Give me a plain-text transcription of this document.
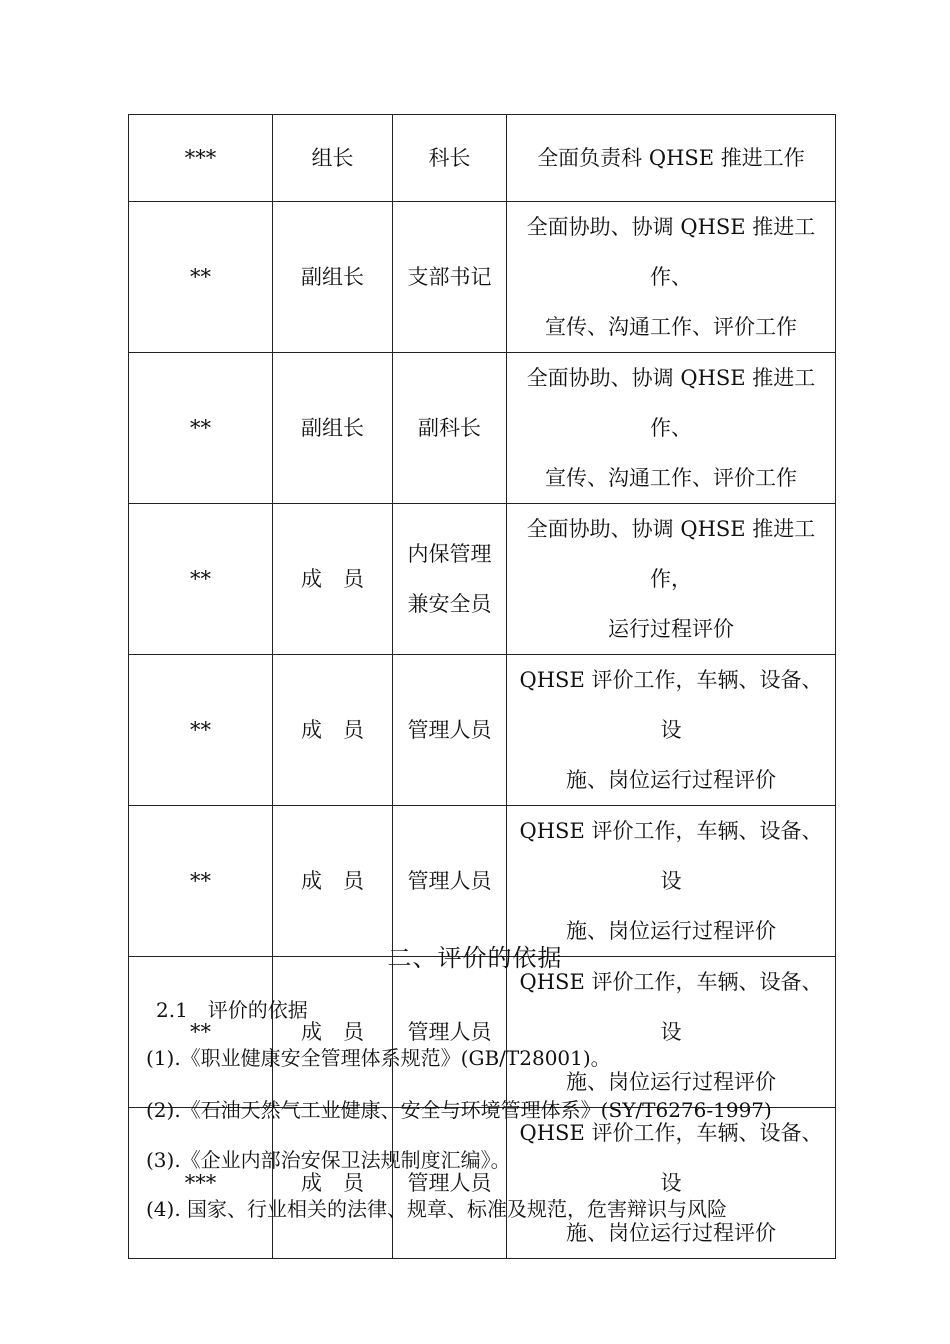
***	组长	科长	全面负责科 QHSE 推进工作
**	副组长	支部书记	全面协助、协调 QHSE 推进工作、
宣传、沟通工作、评价工作
**	副组长	副科长	全面协助、协调 QHSE 推进工作、
宣传、沟通工作、评价工作
**	成　员	内保管理
兼安全员	全面协助、协调 QHSE 推进工作，
运行过程评价
**	成　员	管理人员	QHSE 评价工作，车辆、设备、设
施、岗位运行过程评价
**	成　员	管理人员	QHSE 评价工作，车辆、设备、设
施、岗位运行过程评价
**	成　员	管理人员	QHSE 评价工作，车辆、设备、设
施、岗位运行过程评价
***	成　员	管理人员	QHSE 评价工作，车辆、设备、设
施、岗位运行过程评价
二、评价的依据
2.1　评价的依据
(1).《职业健康安全管理体系规范》(GB/T28001)。
(2).《石油天然气工业健康、安全与环境管理体系》(SY/T6276-1997)
(3).《企业内部治安保卫法规制度汇编》。
(4). 国家、行业相关的法律、规章、标准及规范，危害辩识与风险
